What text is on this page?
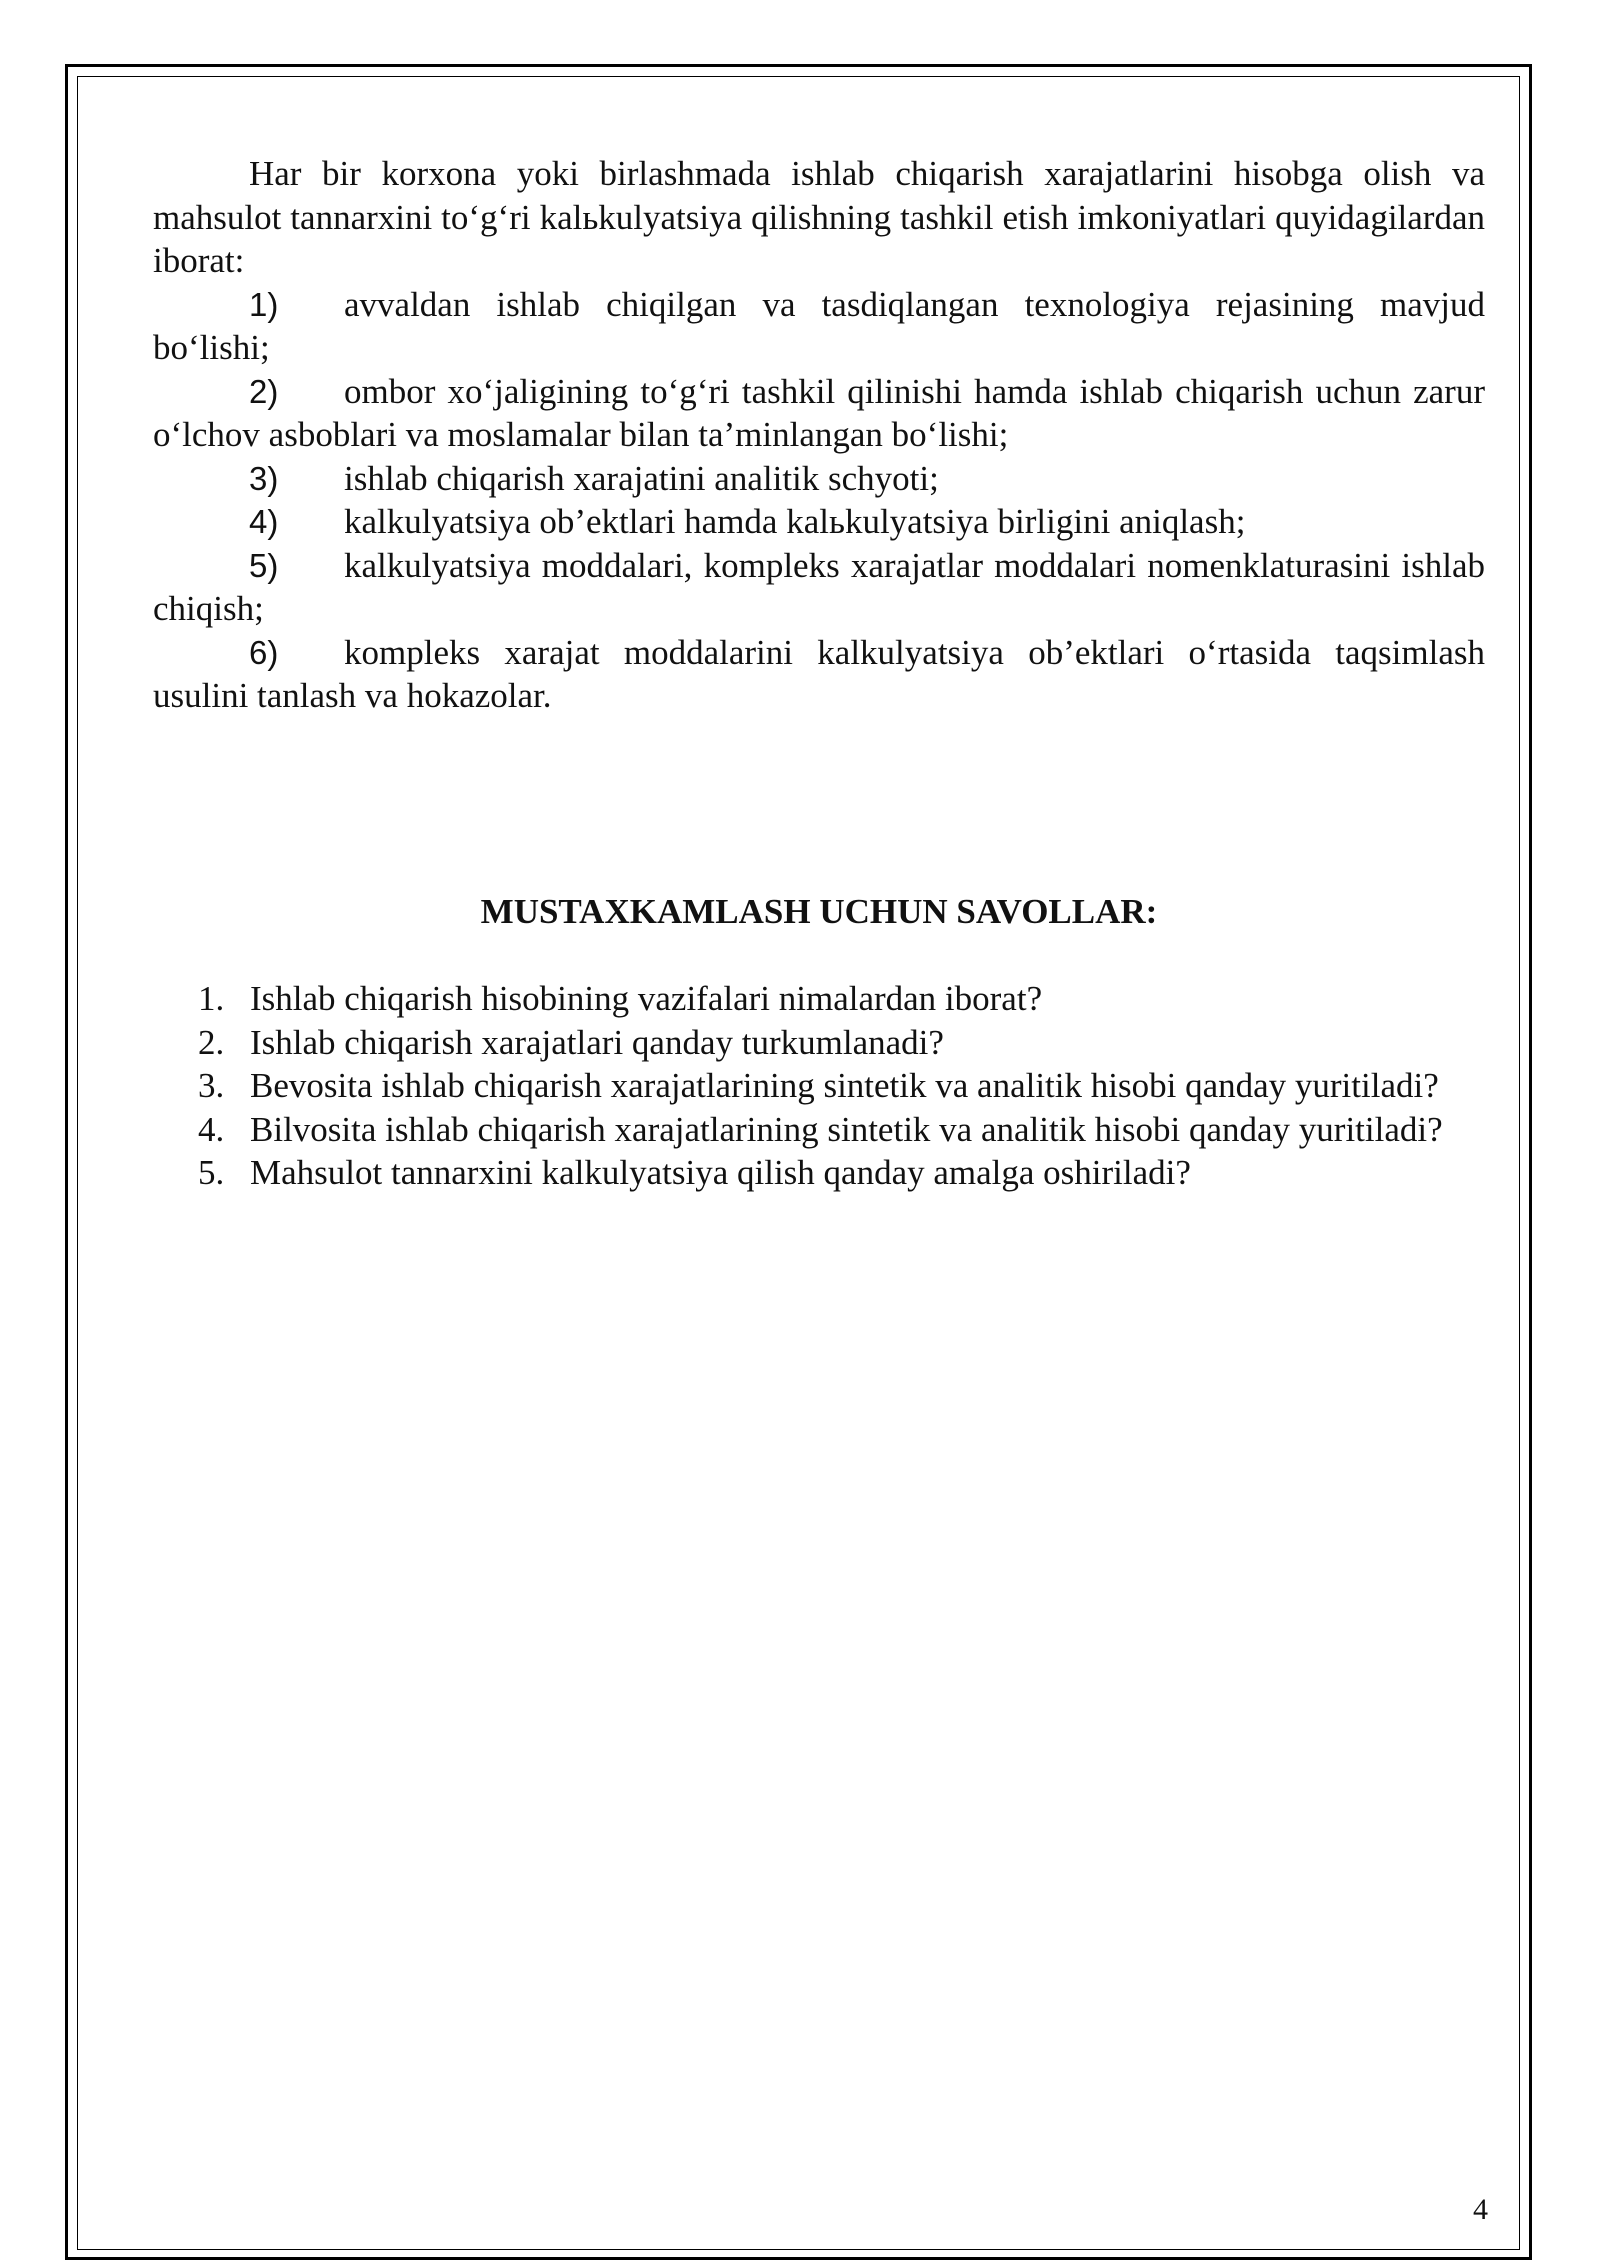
Har bir korxona yoki birlashmada ishlab chiqarish xarajatlarini hisobga olish va mahsulot tannarxini to‘g‘ri kalьkulyatsiya qilishning tashkil etish imkoniyatlari quyidagilardan iborat:

1) avvaldan ishlab chiqilgan va tasdiqlangan texnologiya rejasining mavjud bo‘lishi;

2) ombor xo‘jaligining to‘g‘ri tashkil qilinishi hamda ishlab chiqarish uchun zarur o‘lchov asboblari va moslamalar bilan ta’minlangan bo‘lishi;

3) ishlab chiqarish xarajatini analitik schyoti;

4) kalkulyatsiya ob’ektlari hamda kalьkulyatsiya birligini aniqlash;

5) kalkulyatsiya moddalari, kompleks xarajatlar moddalari nomenklaturasini ishlab chiqish;

6) kompleks xarajat moddalarini kalkulyatsiya ob’ektlari o‘rtasida taqsimlash usulini tanlash va hokazolar.

MUSTAXKAMLASH UCHUN SAVOLLAR:
1. Ishlab chiqarish hisobining vazifalari nimalardan iborat?
2. Ishlab chiqarish xarajatlari qanday turkumlanadi?
3. Bevosita ishlab chiqarish xarajatlarining sintetik va analitik hisobi qanday yuritiladi?
4. Bilvosita ishlab chiqarish xarajatlarining sintetik va analitik hisobi qanday yuritiladi?
5. Mahsulot tannarxini kalkulyatsiya qilish qanday amalga oshiriladi?
4
